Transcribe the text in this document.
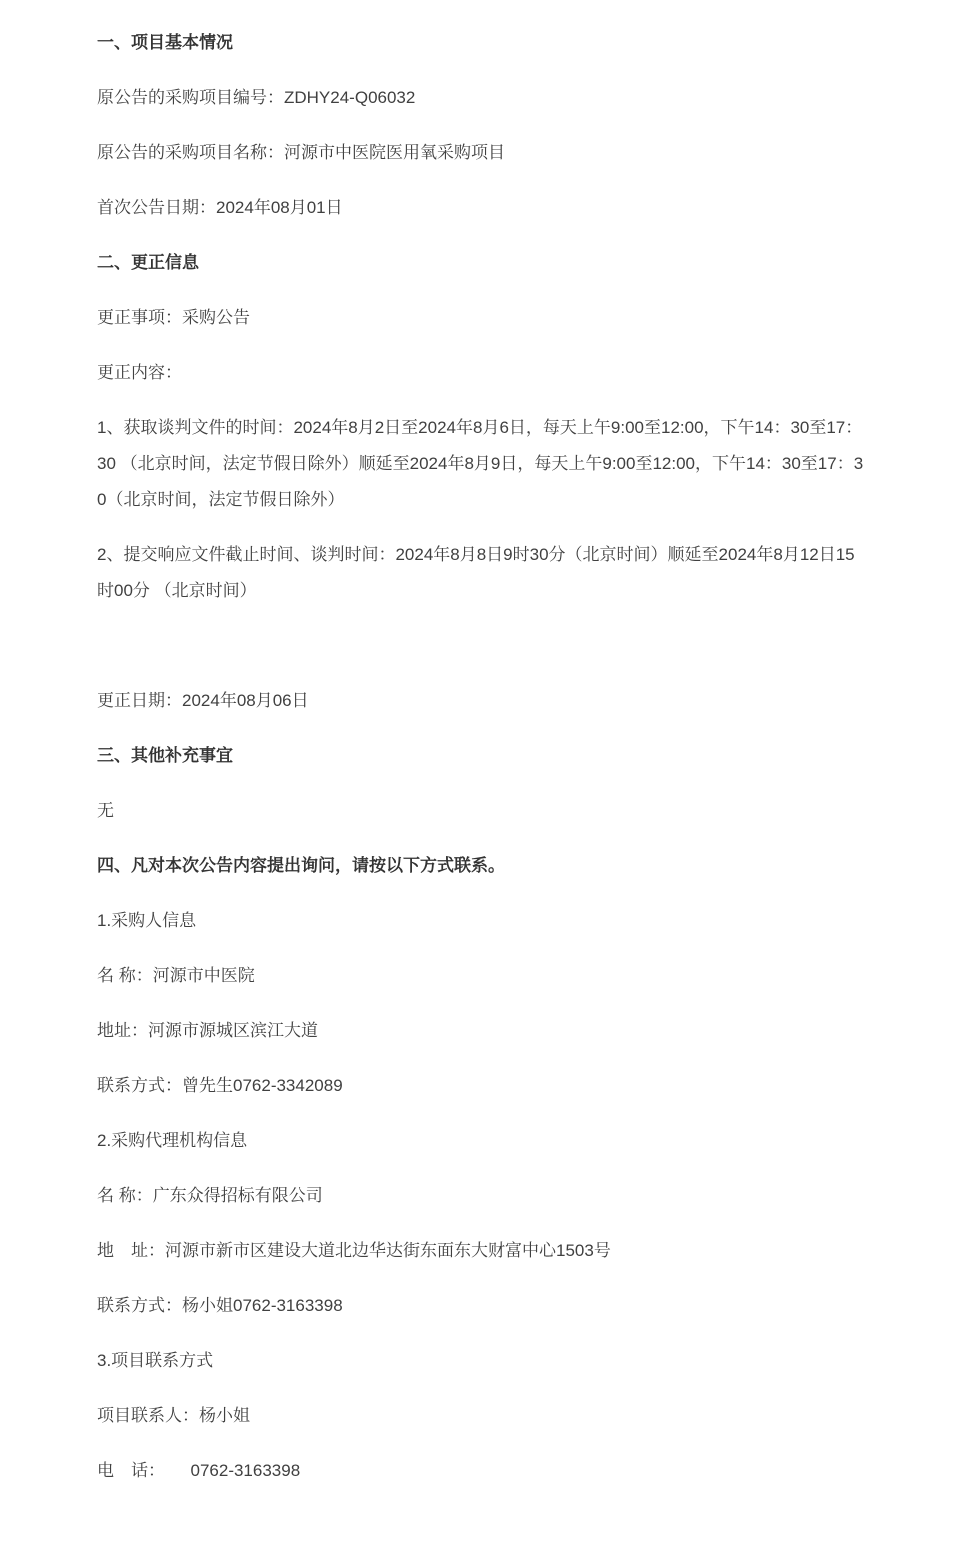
一、项目基本情况

原公告的采购项目编号：ZDHY24-Q06032

原公告的采购项目名称：河源市中医院医用氧采购项目

首次公告日期：2024年08月01日

二、更正信息

更正事项：采购公告

更正内容：

1、获取谈判文件的时间：2024年8月2日至2024年8月6日，每天上午9:00至12:00，下午14：30至17：30 （北京时间，法定节假日除外）顺延至2024年8月9日，每天上午9:00至12:00，下午14：30至17：30（北京时间，法定节假日除外）

2、提交响应文件截止时间、谈判时间：2024年8月8日9时30分（北京时间）顺延至2024年8月12日15时00分 （北京时间）

更正日期：2024年08月06日

三、其他补充事宜

无

四、凡对本次公告内容提出询问，请按以下方式联系。

1.采购人信息

名 称：河源市中医院

地址：河源市源城区滨江大道

联系方式：曾先生0762-3342089

2.采购代理机构信息

名 称：广东众得招标有限公司

地　址：河源市新市区建设大道北边华达街东面东大财富中心1503号

联系方式：杨小姐0762-3163398

3.项目联系方式

项目联系人：杨小姐

电　话：　　0762-3163398
